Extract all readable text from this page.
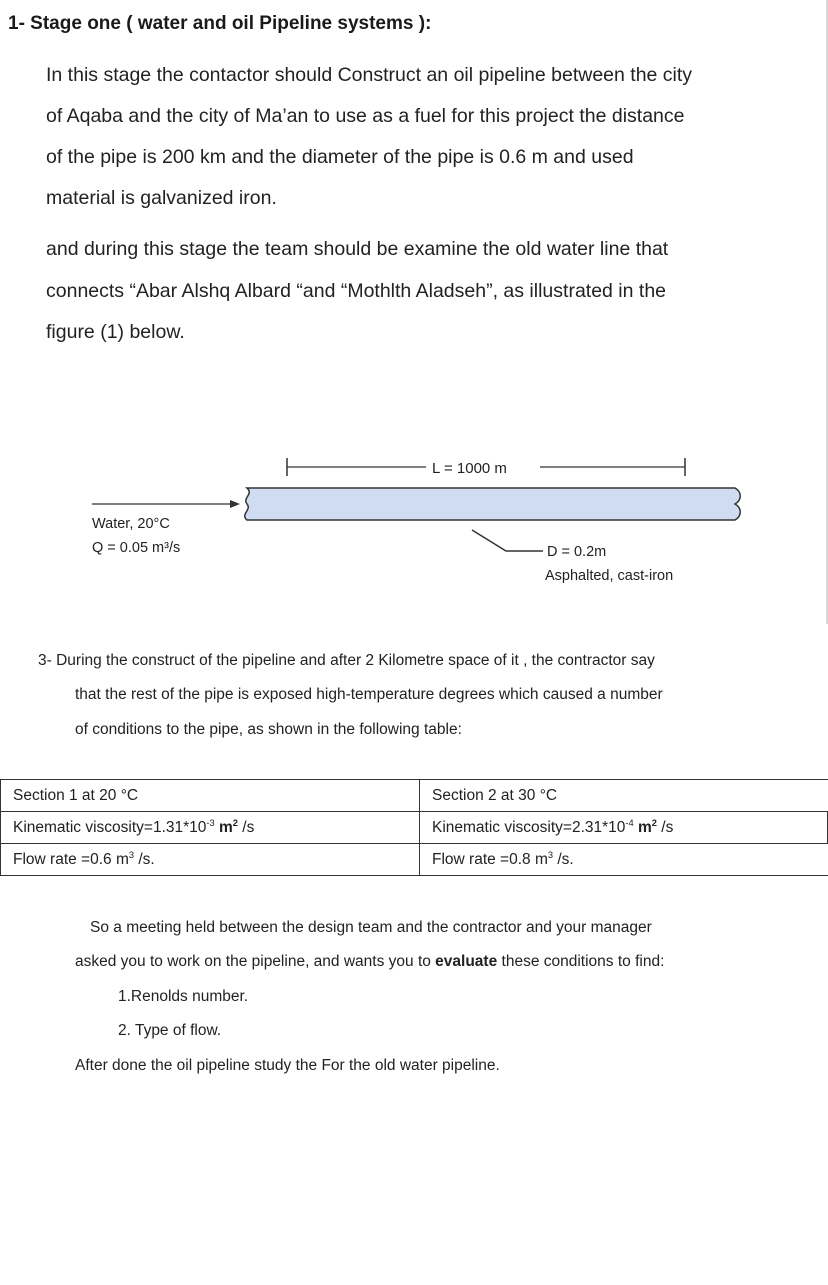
1- Stage one ( water and oil Pipeline systems ):
In this stage the contactor should Construct an oil pipeline between the city
of Aqaba and the city of Ma’an to use as a fuel for this project the distance
of the pipe is 200 km and the diameter of the pipe is 0.6 m and used
material is galvanized iron.
and during this stage the team should be examine the old water line that
connects “Abar Alshq Albard “and “Mothlth Aladseh”, as illustrated in the
figure (1) below.
L = 1000 m
Water, 20°C
Q = 0.05 m³/s	D = 0.2m
Asphalted, cast-iron
3- During the construct of the pipeline and after 2 Kilometre space of it , the contractor say
that the rest of the pipe is exposed high-temperature degrees which caused a number
of conditions to the pipe, as shown in the following table:
Section 1 at 20 °C	Section 2 at 30 °C
Kinematic $viscosity=1.31*10^{-3}$ $m^2$ /s	Kinematic $viscosity=2.31*10^{-4}$ $m^2$ /s
Flow rate =0.6 $m^3$ /s.	Flow rate =0.8 $m^3$ /s.
So a meeting held between the design team and the contractor and your manager
asked you to work on the pipeline, and wants you to evaluate these conditions to find:
1.Renolds number.
2. Type of flow.
After done the oil pipeline study the For the old water pipeline.
